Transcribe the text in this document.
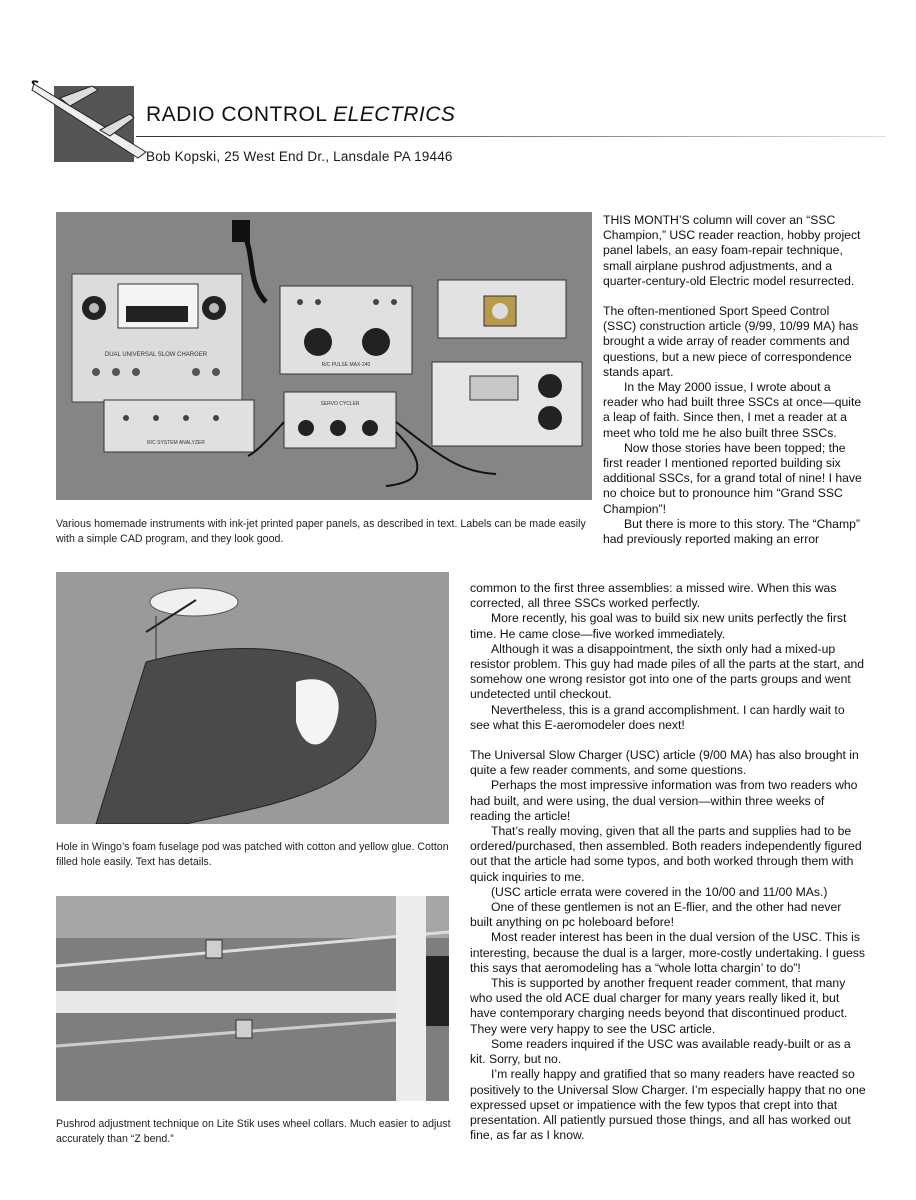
RADIO CONTROL ELECTRICS
Bob Kopski, 25 West End Dr., Lansdale PA 19446
DUAL UNIVERSAL SLOW CHARGER
R/C PULSE MAX-240
R/C SYSTEM ANALYZER
SERVO CYCLER
Various homemade instruments with ink-jet printed paper panels, as described in text. Labels can be made easily with a simple CAD program, and they look good.
Hole in Wingo’s foam fuselage pod was patched with cotton and yellow glue. Cotton filled hole easily. Text has details.
Pushrod adjustment technique on Lite Stik uses wheel collars. Much easier to adjust accurately than “Z bend.”

THIS MONTH’S column will cover an “SSC Champion,” USC reader reaction, hobby project panel labels, an easy foam-repair technique, small airplane pushrod adjustments, and a quarter-century-old Electric model resurrected.

The often-mentioned Sport Speed Control (SSC) construction article (9/99, 10/99 MA) has brought a wide array of reader comments and questions, but a new piece of correspondence stands apart.

In the May 2000 issue, I wrote about a reader who had built three SSCs at once—quite a leap of faith. Since then, I met a reader at a meet who told me he also built three SSCs.

Now those stories have been topped; the first reader I mentioned reported building six additional SSCs, for a grand total of nine! I have no choice but to pronounce him “Grand SSC Champion”!

But there is more to this story. The “Champ” had previously reported making an error

common to the first three assemblies: a missed wire. When this was corrected, all three SSCs worked perfectly.

More recently, his goal was to build six new units perfectly the first time. He came close—five worked immediately.

Although it was a disappointment, the sixth only had a mixed-up resistor problem. This guy had made piles of all the parts at the start, and somehow one wrong resistor got into one of the parts groups and went undetected until checkout.

Nevertheless, this is a grand accomplishment. I can hardly wait to see what this E-aeromodeler does next!

The Universal Slow Charger (USC) article (9/00 MA) has also brought in quite a few reader comments, and some questions.

Perhaps the most impressive information was from two readers who had built, and were using, the dual version—within three weeks of reading the article!

That’s really moving, given that all the parts and supplies had to be ordered/purchased, then assembled. Both readers independently figured out that the article had some typos, and both worked through them with quick inquiries to me.

(USC article errata were covered in the 10/00 and 11/00 MAs.)

One of these gentlemen is not an E-flier, and the other had never built anything on pc holeboard before!

Most reader interest has been in the dual version of the USC. This is interesting, because the dual is a larger, more-costly undertaking. I guess this says that aeromodeling has a “whole lotta chargin’ to do”!

This is supported by another frequent reader comment, that many who used the old ACE dual charger for many years really liked it, but have contemporary charging needs beyond that discontinued product. They were very happy to see the USC article.

Some readers inquired if the USC was available ready-built or as a kit. Sorry, but no.

I’m really happy and gratified that so many readers have reacted so positively to the Universal Slow Charger. I’m especially happy that no one expressed upset or impatience with the few typos that crept into that presentation. All patiently pursued those things, and all has worked out fine, as far as I know.
